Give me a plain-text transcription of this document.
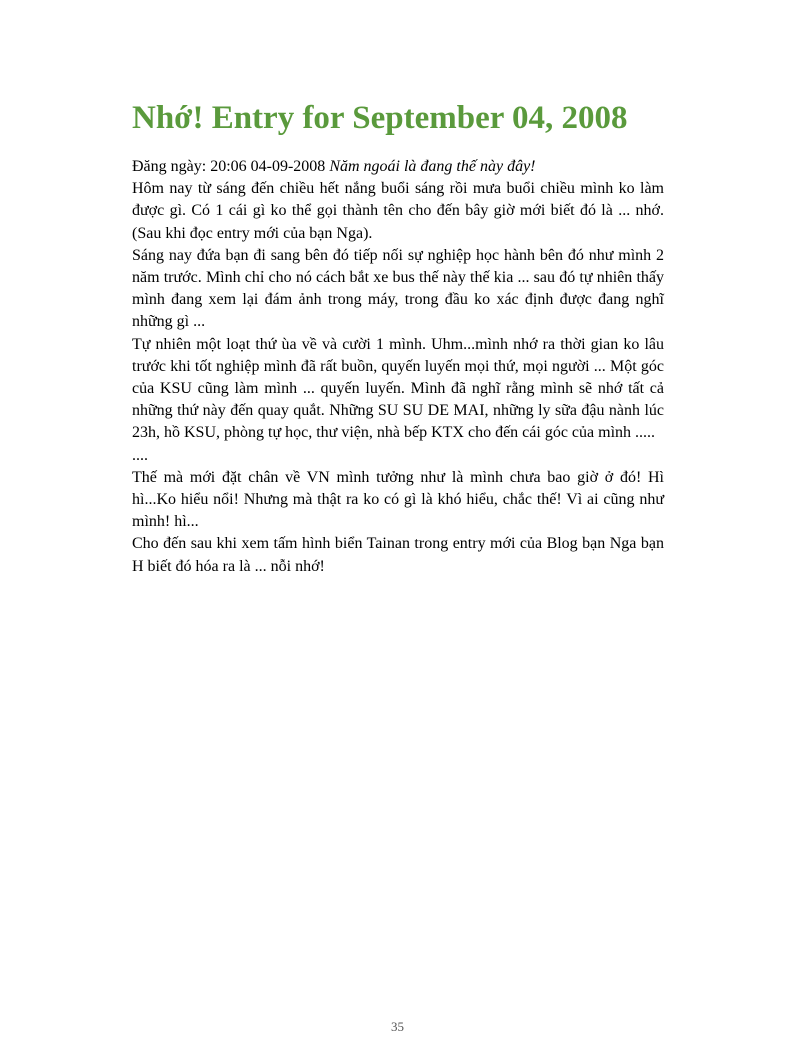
Nhớ! Entry for September 04, 2008

Đăng ngày: 20:06 04-09-2008 Năm ngoái là đang thế này đây!

Hôm nay từ sáng đến chiều hết nắng buổi sáng rồi mưa buổi chiều mình ko làm được gì. Có 1 cái gì ko thể gọi thành tên cho đến bây giờ mới biết đó là ... nhớ. (Sau khi đọc entry mới của bạn Nga).

Sáng nay đứa bạn đi sang bên đó tiếp nối sự nghiệp học hành bên đó như mình 2 năm trước. Mình chỉ cho nó cách bắt xe bus thế này thế kia ... sau đó tự nhiên thấy mình đang xem lại đám ảnh trong máy, trong đầu ko xác định được đang nghĩ những gì ...

Tự nhiên một loạt thứ ùa về và cười 1 mình. Uhm...mình nhớ ra thời gian ko lâu trước khi tốt nghiệp mình đã rất buồn, quyến luyến mọi thứ, mọi người ... Một góc của KSU cũng làm mình ... quyến luyến. Mình đã nghĩ rằng mình sẽ nhớ tất cả những thứ này đến quay quắt. Những SU SU DE MAI, những ly sữa đậu nành lúc 23h, hồ KSU, phòng tự học, thư viện, nhà bếp KTX cho đến cái góc của mình .....

....

Thế mà mới đặt chân về VN mình tưởng như là mình chưa bao giờ ở đó! Hì hì...Ko hiểu nổi! Nhưng mà thật ra ko có gì là khó hiểu, chắc thế! Vì ai cũng như mình! hì...

Cho đến sau khi xem tấm hình biển Tainan trong entry mới của Blog bạn Nga bạn H biết đó hóa ra là ... nỗi nhớ!

35
